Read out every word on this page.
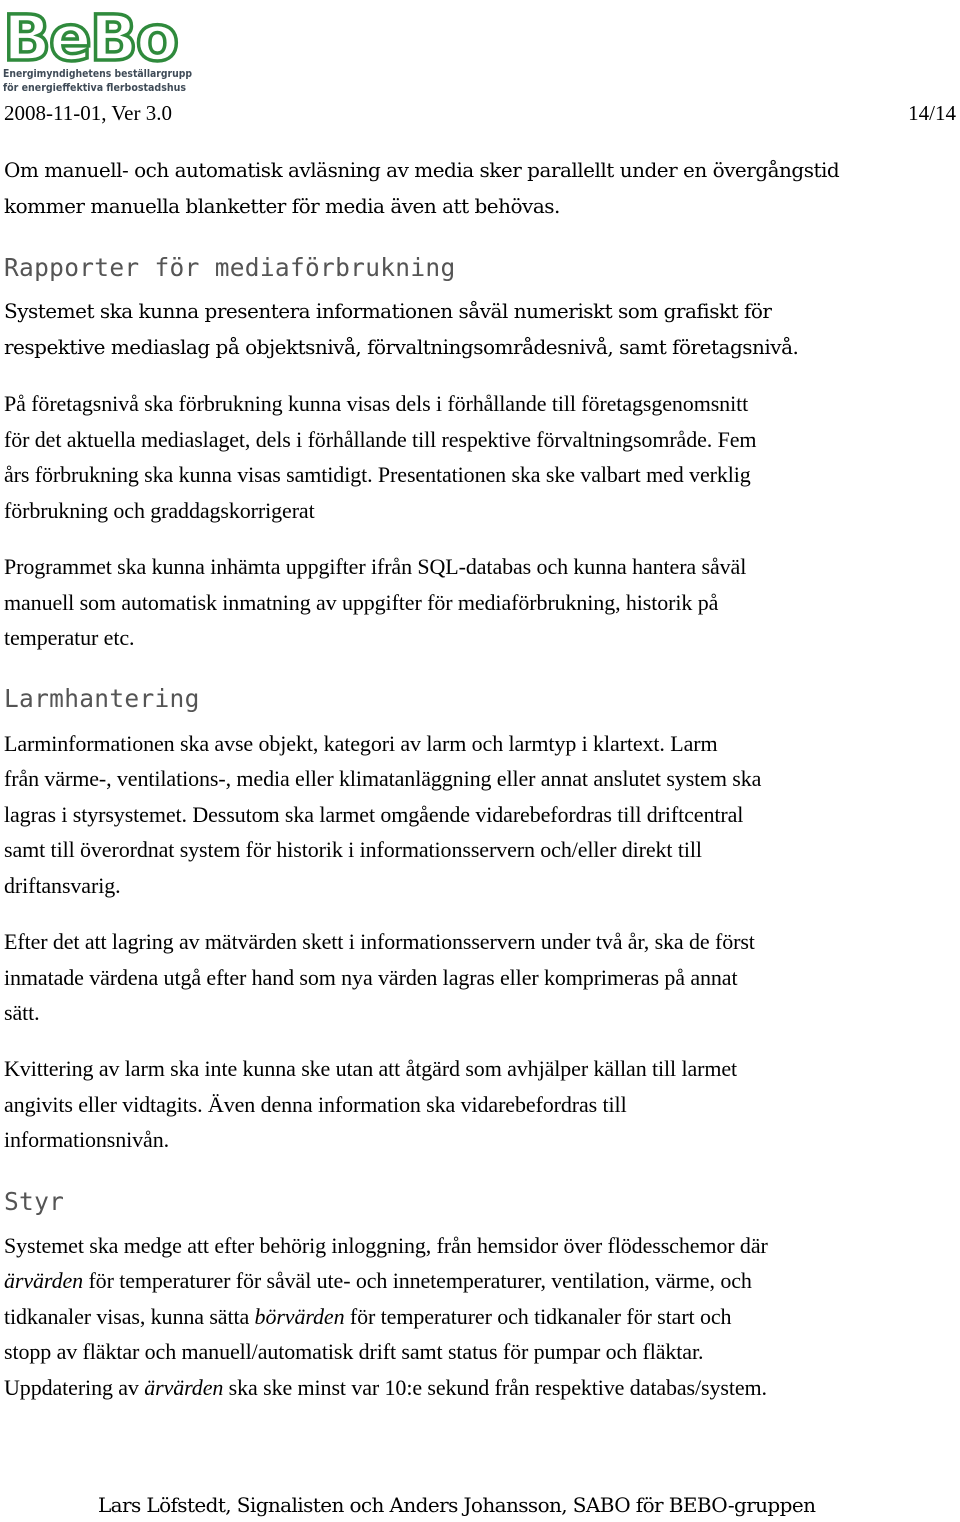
BeBo
Energimyndighetens beställargrupp
för energieffektiva flerbostadshus
2008-11-01, Ver 3.0	14/14

Om manuell- och automatisk avläsning av media sker parallellt under en övergångstid

kommer manuella blanketter för media även att behövas.

Rapporter för mediaförbrukning

Systemet ska kunna presentera informationen såväl numeriskt som grafiskt för

respektive mediaslag på objektsnivå, förvaltningsområdesnivå, samt företagsnivå.

På företagsnivå ska förbrukning kunna visas dels i förhållande till företagsgenomsnitt

för det aktuella mediaslaget, dels i förhållande till respektive förvaltningsområde. Fem

års förbrukning ska kunna visas samtidigt. Presentationen ska ske valbart med verklig

förbrukning och graddagskorrigerat

Programmet ska kunna inhämta uppgifter ifrån SQL-databas och kunna hantera såväl

manuell som automatisk inmatning av uppgifter för mediaförbrukning, historik på

temperatur etc.

Larmhantering

Larminformationen ska avse objekt, kategori av larm och larmtyp i klartext. Larm

från värme-, ventilations-, media eller klimatanläggning eller annat anslutet system ska

lagras i styrsystemet. Dessutom ska larmet omgående vidarebefordras till driftcentral

samt till överordnat system för historik i informationsservern och/eller direkt till

driftansvarig.

Efter det att lagring av mätvärden skett i informationsservern under två år, ska de först

inmatade värdena utgå efter hand som nya värden lagras eller komprimeras på annat

sätt.

Kvittering av larm ska inte kunna ske utan att åtgärd som avhjälper källan till larmet

angivits eller vidtagits. Även denna information ska vidarebefordras till

informationsnivån.

Styr

Systemet ska medge att efter behörig inloggning, från hemsidor över flödesschemor där

ärvärden för temperaturer för såväl ute- och innetemperaturer, ventilation, värme, och

tidkanaler visas, kunna sätta börvärden för temperaturer och tidkanaler för start och

stopp av fläktar och manuell/automatisk drift samt status för pumpar och fläktar.

Uppdatering av ärvärden ska ske minst var 10:e sekund från respektive databas/system.

Lars Löfstedt, Signalisten och Anders Johansson, SABO för BEBO-gruppen
